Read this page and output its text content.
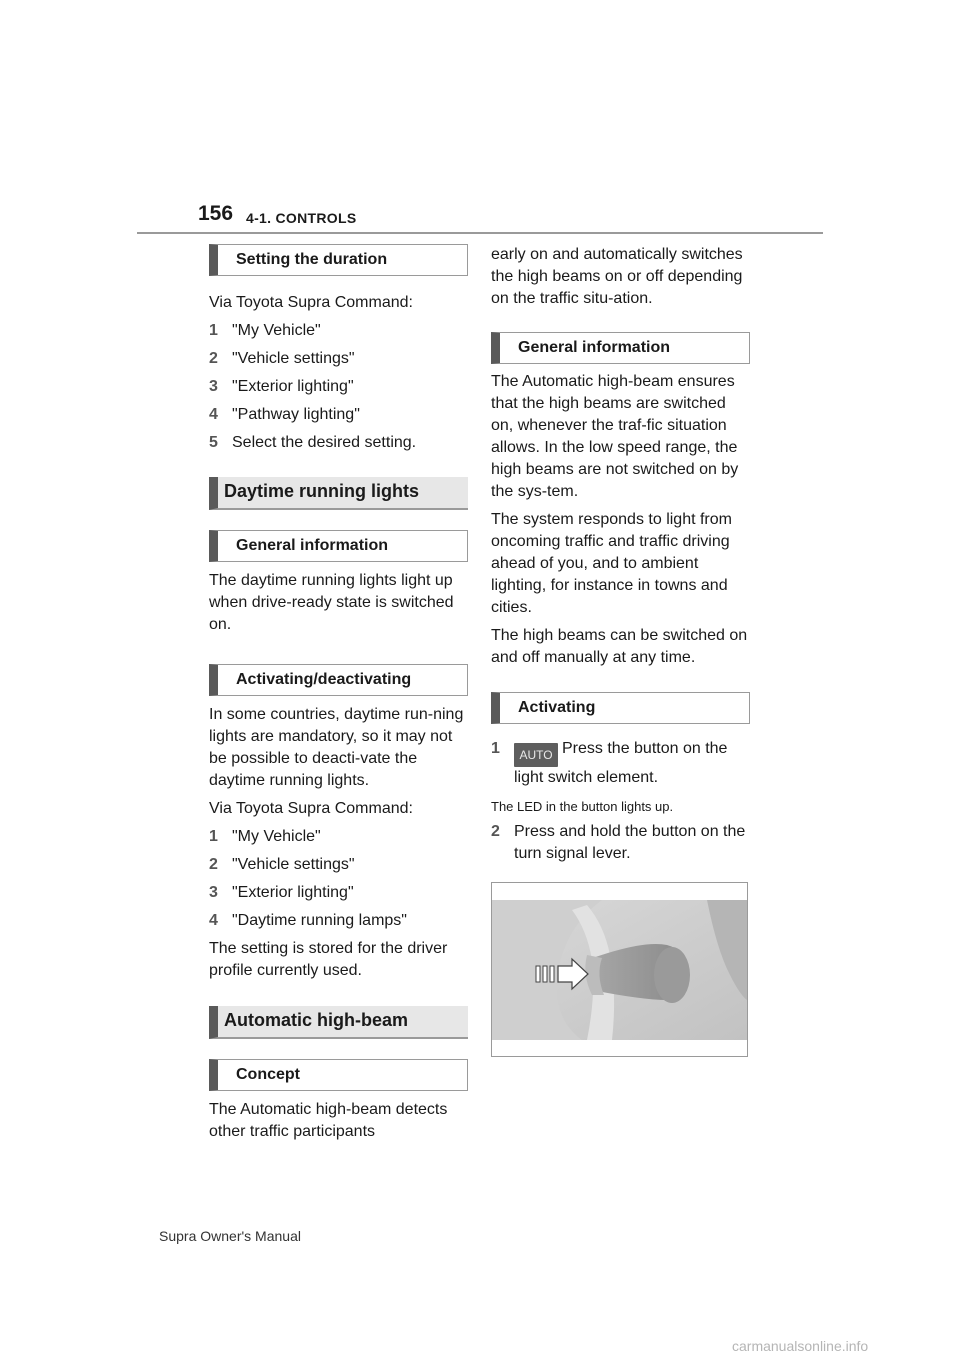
156 4-1. CONTROLS
Setting the duration

Via Toyota Supra Command:

1 "My Vehicle"
2 "Vehicle settings"
3 "Exterior lighting"
4 "Pathway lighting"
5 Select the desired setting.
Daytime running lights
General information

The daytime running lights light up when drive-ready state is switched on.

Activating/deactivating

In some countries, daytime run-ning lights are mandatory, so it may not be possible to deacti-vate the daytime running lights.

Via Toyota Supra Command:

1 "My Vehicle"
2 "Vehicle settings"
3 "Exterior lighting"
4 "Daytime running lamps"

The setting is stored for the driver profile currently used.

Automatic high-beam
Concept

The Automatic high-beam detects other traffic participants

early on and automatically switches the high beams on or off depending on the traffic situ-ation.

General information

The Automatic high-beam ensures that the high beams are switched on, whenever the traf-fic situation allows. In the low speed range, the high beams are not switched on by the sys-tem.

The system responds to light from oncoming traffic and traffic driving ahead of you, and to ambient lighting, for instance in towns and cities.

The high beams can be switched on and off manually at any time.

Activating
1	AUTO Press the button on the light switch element.

The LED in the button lights up.

2 Press and hold the button on the turn signal lever.
Supra Owner's Manual
carmanualsonline.info
